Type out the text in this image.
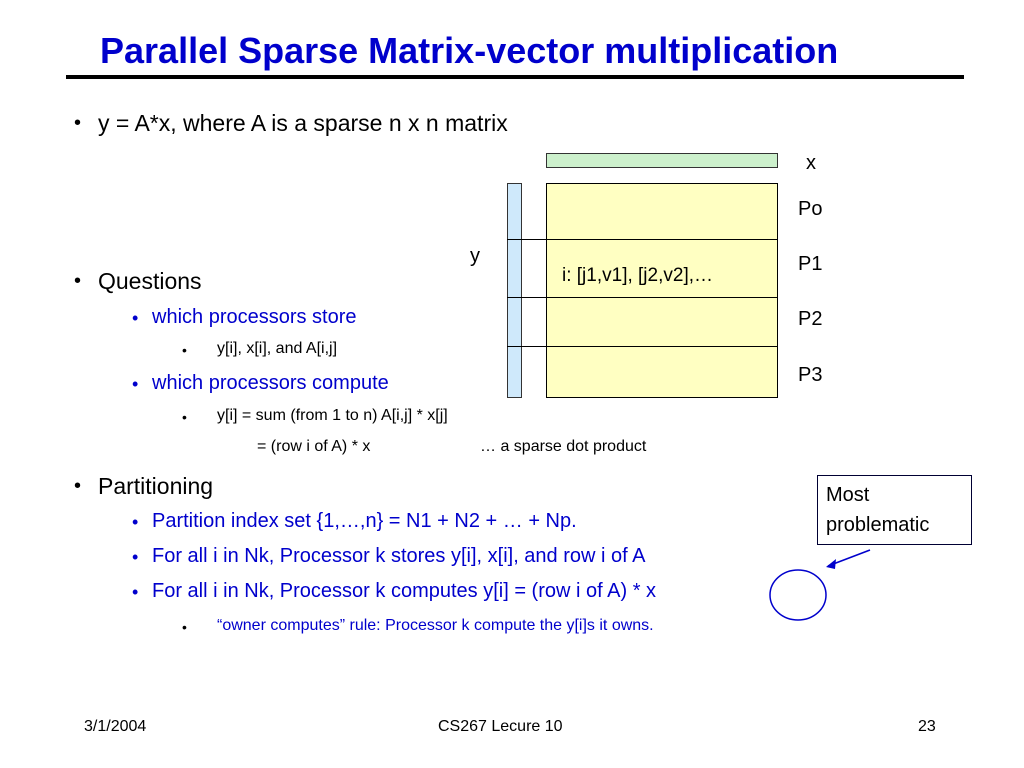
Parallel Sparse Matrix-vector multiplication
• y = A*x, where A is a sparse n x n matrix
• Questions
• which processors store
• y[i], x[i], and A[i,j]
• which processors compute
• y[i] = sum (from 1 to n) A[i,j] * x[j]
= (row i of A) * x	… a sparse dot product
• Partitioning
• Partition index set {1,…,n} = N1 + N2 + … + Np.
• For all i in Nk, Processor k stores y[i], x[i], and row i of A
• For all i in Nk, Processor k computes y[i] = (row i of A) * x
• “owner computes” rule: Processor k compute the y[i]s it owns.
x
y
i: [j1,v1], [j2,v2],…
Po
P1
P2
P3
Most problematic
3/1/2004	CS267 Lecure 10	23
